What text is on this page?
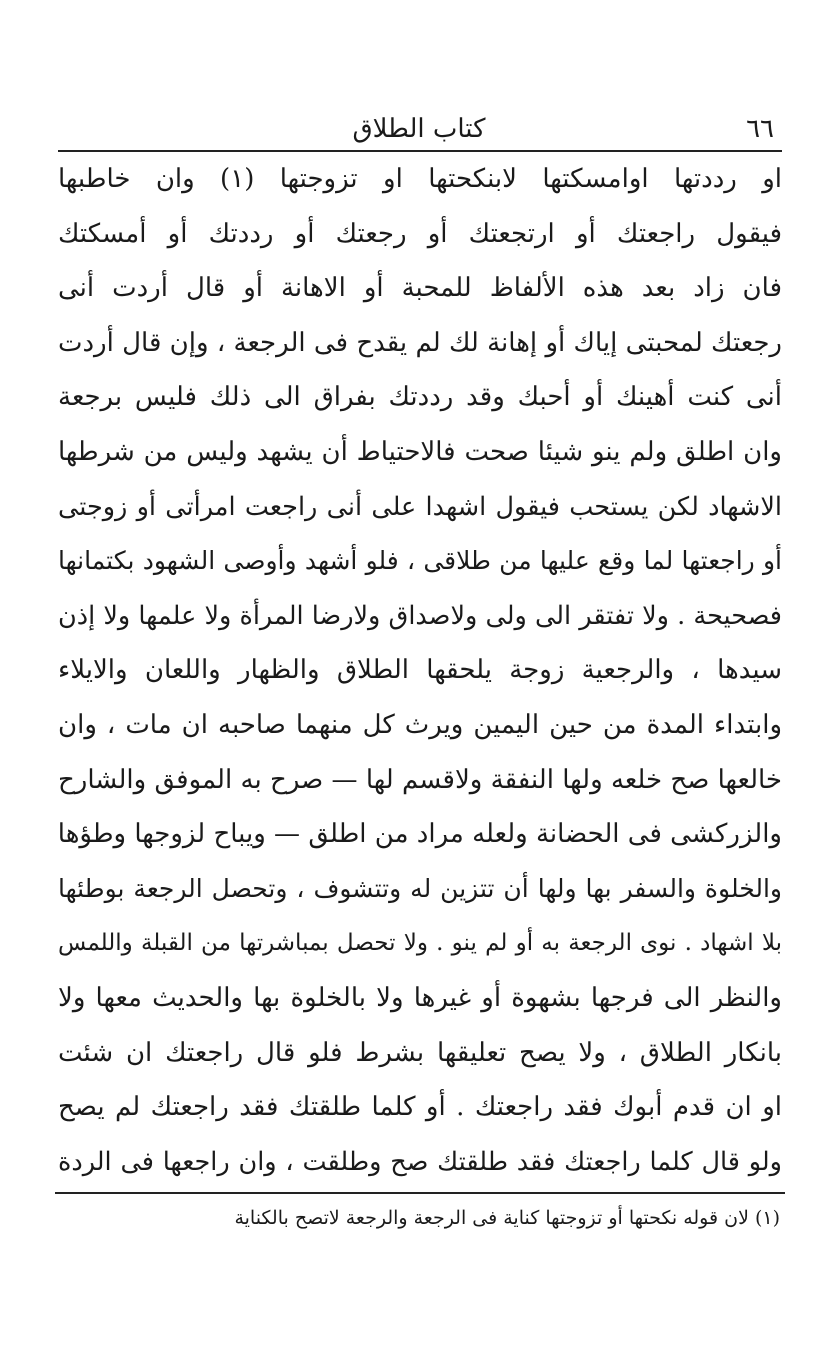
٦٦
كتاب الطلاق
او رددتها اوامسكتها لابنكحتها او تزوجتها (١) وان خاطبها
فيقول راجعتك أو ارتجعتك أو رجعتك أو رددتك أو أمسكتك
فان زاد بعد هذه الألفاظ للمحبة أو الاهانة أو قال أردت أنى
رجعتك لمحبتى إياك أو إهانة لك لم يقدح فى الرجعة ، وإن قال أردت
أنى كنت أهينك أو أحبك وقد رددتك بفراق الى ذلك فليس برجعة
وان اطلق ولم ينو شيئا صحت فالاحتياط أن يشهد وليس من شرطها
الاشهاد لكن يستحب فيقول اشهدا على أنى راجعت امرأتى أو زوجتى
أو راجعتها لما وقع عليها من طلاقى ، فلو أشهد وأوصى الشهود بكتمانها
فصحيحة . ولا تفتقر الى ولى ولاصداق ولارضا المرأة ولا علمها ولا إذن
سيدها ، والرجعية زوجة يلحقها الطلاق والظهار واللعان والايلاء
وابتداء المدة من حين اليمين ويرث كل منهما صاحبه ان مات ، وان
خالعها صح خلعه ولها النفقة ولاقسم لها — صرح به الموفق والشارح
والزركشى فى الحضانة ولعله مراد من اطلق — ويباح لزوجها وطؤها
والخلوة والسفر بها ولها أن تتزين له وتتشوف ، وتحصل الرجعة بوطئها
بلا اشهاد . نوى الرجعة به أو لم ينو . ولا تحصل بمباشرتها من القبلة واللمس
والنظر الى فرجها بشهوة أو غيرها ولا بالخلوة بها والحديث معها ولا
بانكار الطلاق ، ولا يصح تعليقها بشرط فلو قال راجعتك ان شئت
او ان قدم أبوك فقد راجعتك . أو كلما طلقتك فقد راجعتك لم يصح
ولو قال كلما راجعتك فقد طلقتك صح وطلقت ، وان راجعها فى الردة
(١) لان قوله نكحتها أو تزوجتها كناية فى الرجعة والرجعة لاتصح بالكناية
